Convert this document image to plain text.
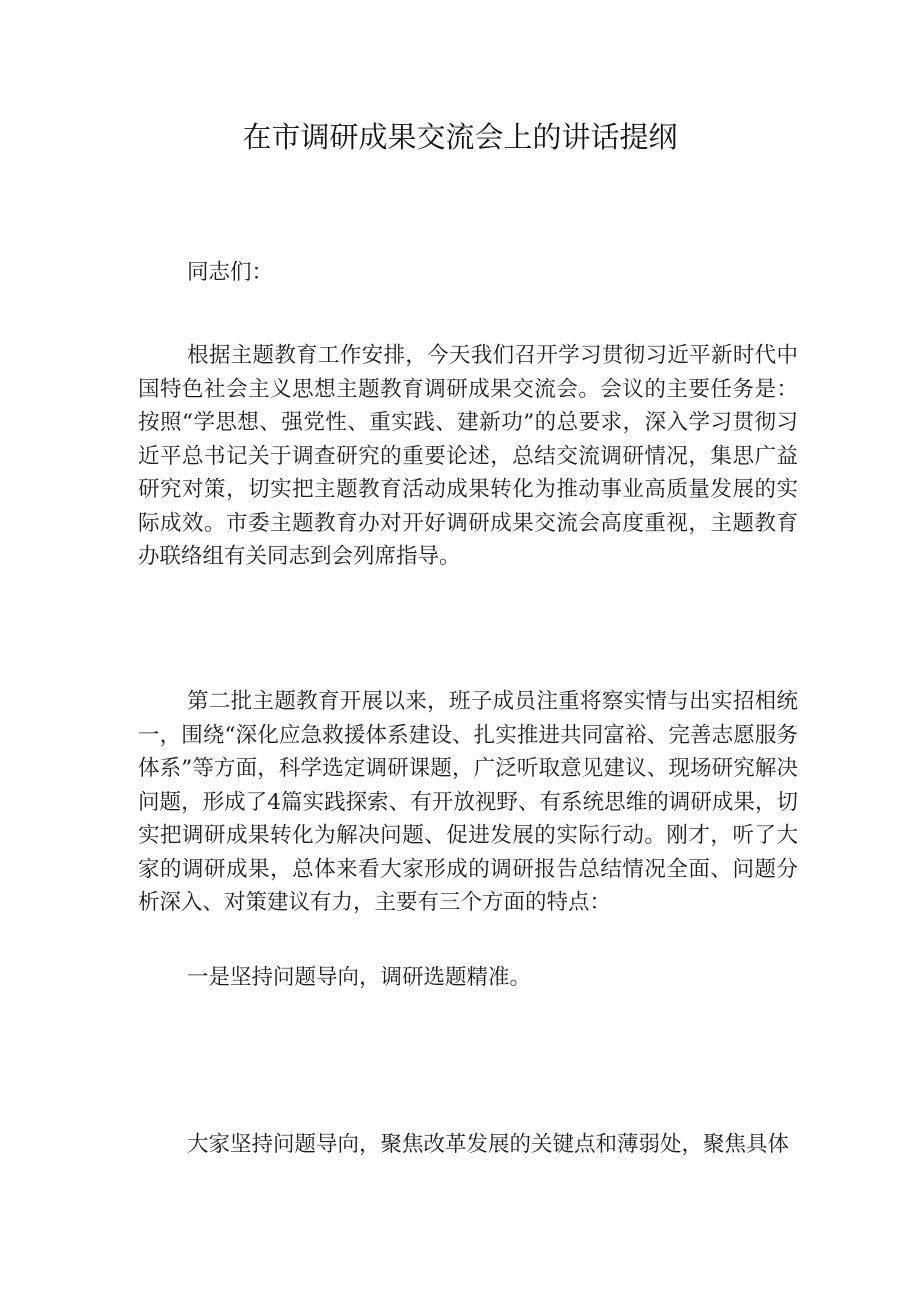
在市调研成果交流会上的讲话提纲

同志们：

根据主题教育工作安排，今天我们召开学习贯彻习近平新时代中国特色社会主义思想主题教育调研成果交流会。会议的主要任务是：按照“学思想、强党性、重实践、建新功”的总要求，深入学习贯彻习近平总书记关于调查研究的重要论述，总结交流调研情况，集思广益研究对策，切实把主题教育活动成果转化为推动事业高质量发展的实际成效。市委主题教育办对开好调研成果交流会高度重视，主题教育办联络组有关同志到会列席指导。

第二批主题教育开展以来，班子成员注重将察实情与出实招相统一，围绕“深化应急救援体系建设、扎实推进共同富裕、完善志愿服务体系”等方面，科学选定调研课题，广泛听取意见建议、现场研究解决问题，形成了4篇实践探索、有开放视野、有系统思维的调研成果，切实把调研成果转化为解决问题、促进发展的实际行动。刚才，听了大家的调研成果，总体来看大家形成的调研报告总结情况全面、问题分析深入、对策建议有力，主要有三个方面的特点：

一是坚持问题导向，调研选题精准。

大家坚持问题导向，聚焦改革发展的关键点和薄弱处，聚焦具体
